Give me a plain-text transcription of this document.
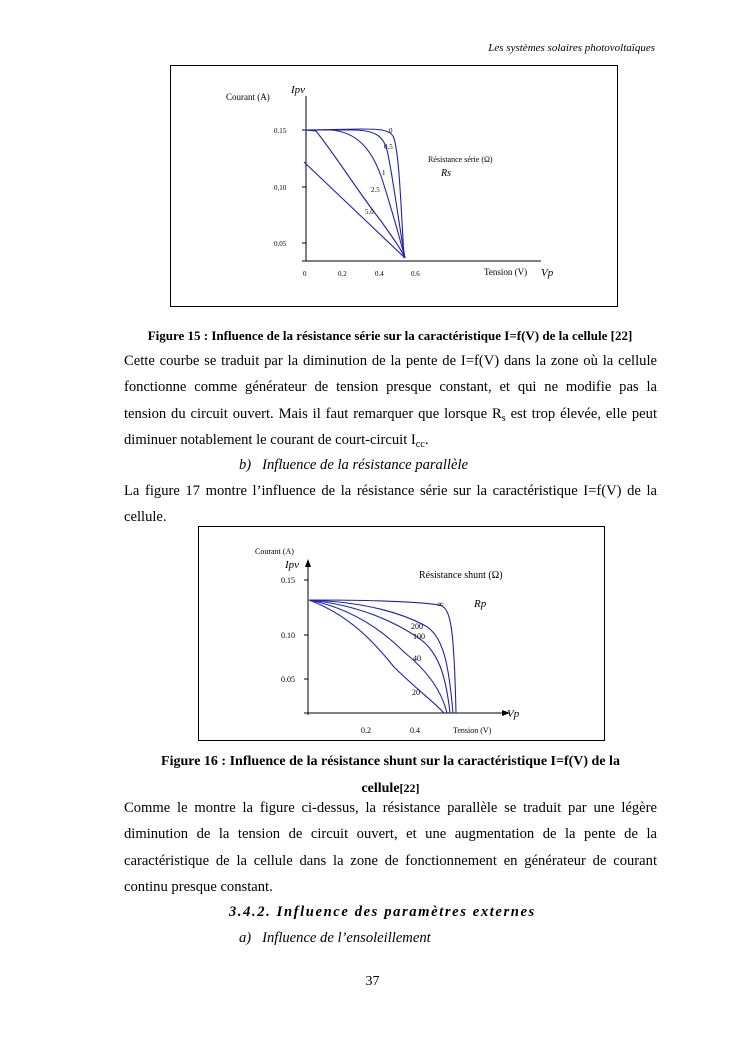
Les systèmes solaires photovoltaïques
0.15
0.10
0.05
0	0.2	0.4	0.6
Courant (A)
Ipv
Tension (V) Vp
Résistance série (Ω)
Rs
0
0.5
1
2.5
5.0
Figure 15 : Influence de la résistance série sur la caractéristique I=f(V) de la cellule [22]
Cette courbe se traduit par la diminution de la pente de I=f(V) dans la zone où la cellule
fonctionne comme générateur de tension presque constant, et qui ne modifie pas la
tension du circuit ouvert. Mais il faut remarquer que lorsque $R_s$ est trop élevée, elle peut
diminuer notablement le courant de court-circuit $I_{cc}$.
b)  Influence de la résistance parallèle
La figure 17 montre l’influence de la résistance série sur la caractéristique I=f(V) de la
cellule.
0.15
0.10
0.05
0.2	0.4
Courant (A)
Ipv
Tension (V)
Vp
Résistance shunt (Ω)
Rp
∞
200
100
40
20
Figure 16 : Influence de la résistance shunt sur la caractéristique I=f(V) de la
cellule[22]
Comme le montre la figure ci-dessus, la résistance parallèle se traduit par une légère
diminution de la tension de circuit ouvert, et une augmentation de la pente de la
caractéristique de la cellule dans la zone de fonctionnement en générateur de courant
continu presque constant.
3.4.2. Influence des paramètres externes
a)  Influence de l’ensoleillement
37
